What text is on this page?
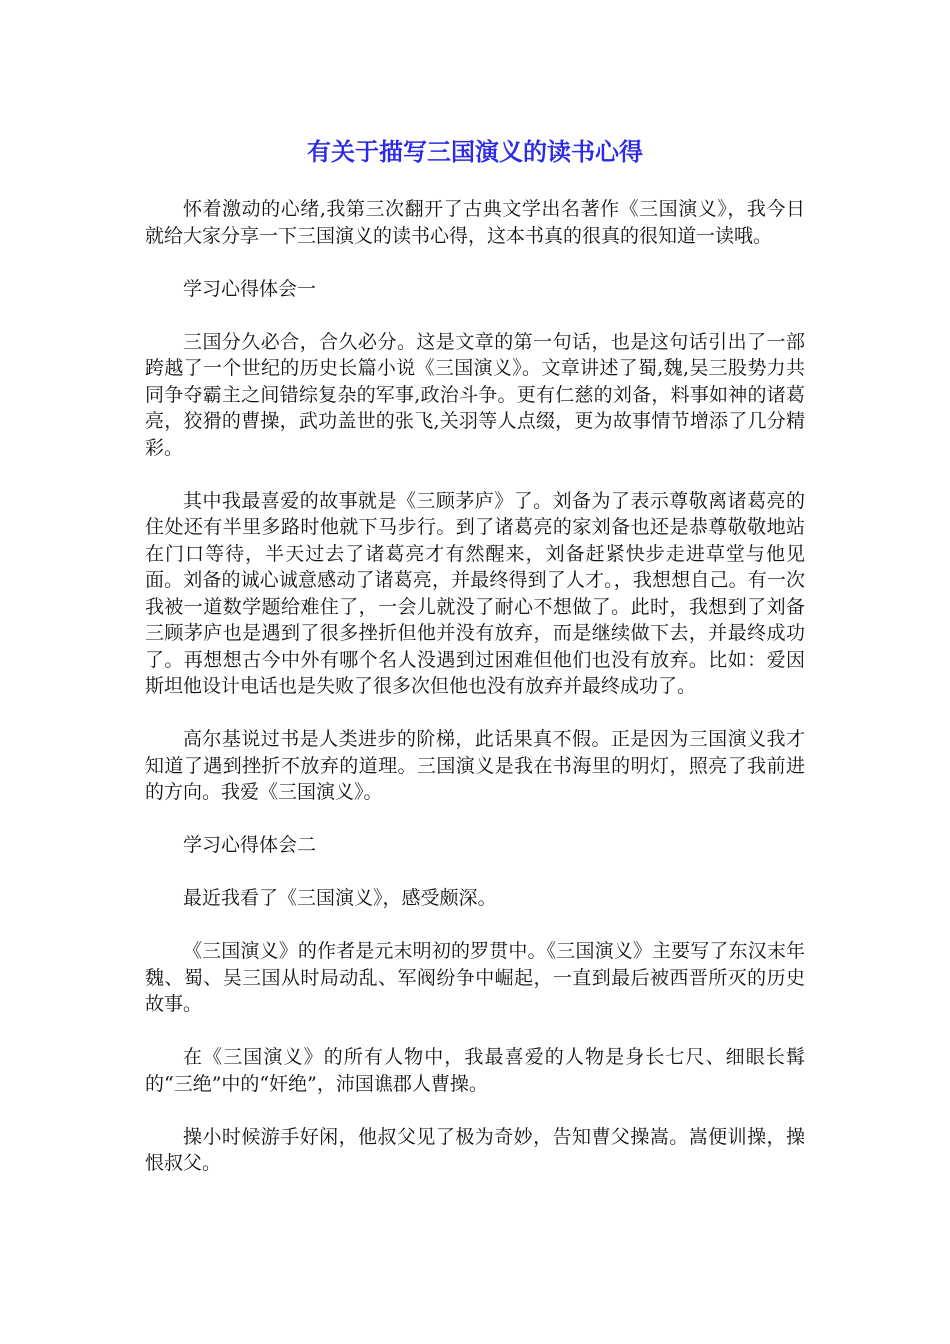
有关于描写三国演义的读书心得

怀着激动的心绪,我第三次翻开了古典文学出名著作《三国演义》，我今日就给大家分享一下三国演义的读书心得，这本书真的很真的很知道一读哦。

学习心得体会一

三国分久必合，合久必分。这是文章的第一句话，也是这句话引出了一部跨越了一个世纪的历史长篇小说《三国演义》。文章讲述了蜀,魏,吴三股势力共同争夺霸主之间错综复杂的军事,政治斗争。更有仁慈的刘备，料事如神的诸葛亮，狡猾的曹操，武功盖世的张飞,关羽等人点缀，更为故事情节增添了几分精彩。

其中我最喜爱的故事就是《三顾茅庐》了。刘备为了表示尊敬离诸葛亮的住处还有半里多路时他就下马步行。到了诸葛亮的家刘备也还是恭尊敬敬地站在门口等待，半天过去了诸葛亮才有然醒来，刘备赶紧快步走进草堂与他见面。刘备的诚心诚意感动了诸葛亮，并最终得到了人才。，我想想自己。有一次我被一道数学题给难住了，一会儿就没了耐心不想做了。此时，我想到了刘备三顾茅庐也是遇到了很多挫折但他并没有放弃，而是继续做下去，并最终成功了。再想想古今中外有哪个名人没遇到过困难但他们也没有放弃。比如：爱因斯坦他设计电话也是失败了很多次但他也没有放弃并最终成功了。

高尔基说过书是人类进步的阶梯，此话果真不假。正是因为三国演义我才知道了遇到挫折不放弃的道理。三国演义是我在书海里的明灯，照亮了我前进的方向。我爱《三国演义》。

学习心得体会二

最近我看了《三国演义》，感受颇深。

《三国演义》的作者是元末明初的罗贯中。《三国演义》主要写了东汉末年魏、蜀、吴三国从时局动乱、军阀纷争中崛起，一直到最后被西晋所灭的历史故事。

在《三国演义》的所有人物中，我最喜爱的人物是身长七尺、细眼长髯的“三绝”中的“奸绝”，沛国谯郡人曹操。

操小时候游手好闲，他叔父见了极为奇妙，告知曹父操嵩。嵩便训操，操恨叔父。
